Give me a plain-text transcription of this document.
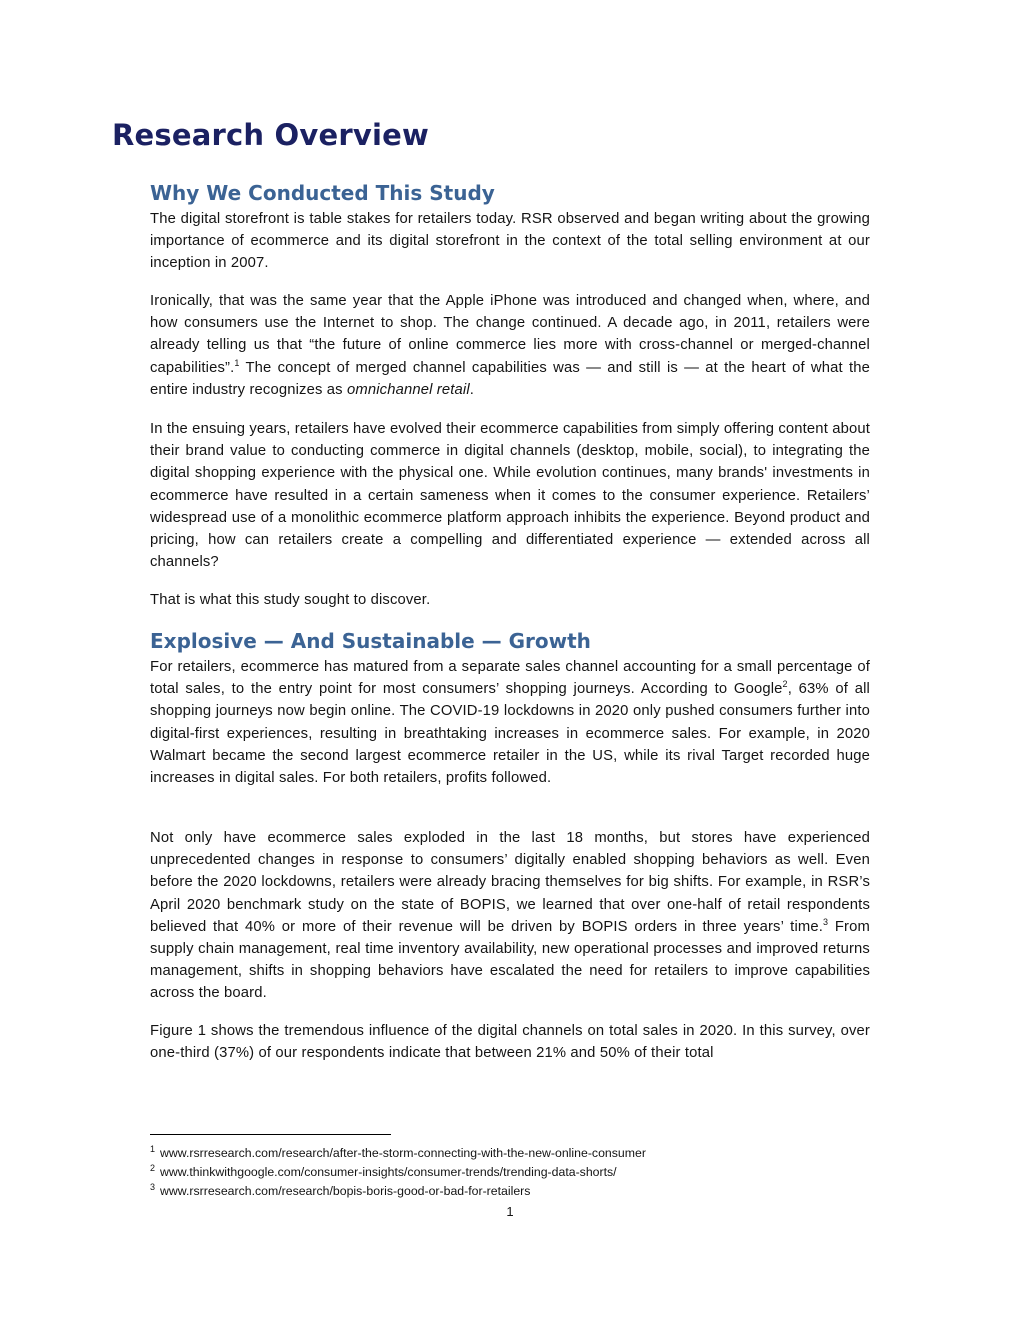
Research Overview
Why We Conducted This Study

The digital storefront is table stakes for retailers today. RSR observed and began writing about the growing importance of ecommerce and its digital storefront in the context of the total selling environment at our inception in 2007.

Ironically, that was the same year that the Apple iPhone was introduced and changed when, where, and how consumers use the Internet to shop. The change continued. A decade ago, in 2011, retailers were already telling us that “the future of online commerce lies more with cross-channel or merged-channel capabilities”.$^1$ The concept of merged channel capabilities was — and still is — at the heart of what the entire industry recognizes as omnichannel retail.

In the ensuing years, retailers have evolved their ecommerce capabilities from simply offering content about their brand value to conducting commerce in digital channels (desktop, mobile, social), to integrating the digital shopping experience with the physical one. While evolution continues, many brands' investments in ecommerce have resulted in a certain sameness when it comes to the consumer experience. Retailers’ widespread use of a monolithic ecommerce platform approach inhibits the experience. Beyond product and pricing, how can retailers create a compelling and differentiated experience — extended across all channels?

That is what this study sought to discover.

Explosive — And Sustainable — Growth

For retailers, ecommerce has matured from a separate sales channel accounting for a small percentage of total sales, to the entry point for most consumers’ shopping journeys. According to Google$^2$, 63% of all shopping journeys now begin online. The COVID-19 lockdowns in 2020 only pushed consumers further into digital-first experiences, resulting in breathtaking increases in ecommerce sales. For example, in 2020 Walmart became the second largest ecommerce retailer in the US, while its rival Target recorded huge increases in digital sales. For both retailers, profits followed.

Not only have ecommerce sales exploded in the last 18 months, but stores have experienced unprecedented changes in response to consumers’ digitally enabled shopping behaviors as well. Even before the 2020 lockdowns, retailers were already bracing themselves for big shifts. For example, in RSR’s April 2020 benchmark study on the state of BOPIS, we learned that over one-half of retail respondents believed that 40% or more of their revenue will be driven by BOPIS orders in three years’ time.$^3$ From supply chain management, real time inventory availability, new operational processes and improved returns management, shifts in shopping behaviors have escalated the need for retailers to improve capabilities across the board.

Figure 1 shows the tremendous influence of the digital channels on total sales in 2020. In this survey, over one-third (37%) of our respondents indicate that between 21% and 50% of their total

$^1$ www.rsrresearch.com/research/after-the-storm-connecting-with-the-new-online-consumer

$^2$ www.thinkwithgoogle.com/consumer-insights/consumer-trends/trending-data-shorts/

$^3$ www.rsrresearch.com/research/bopis-boris-good-or-bad-for-retailers

1
